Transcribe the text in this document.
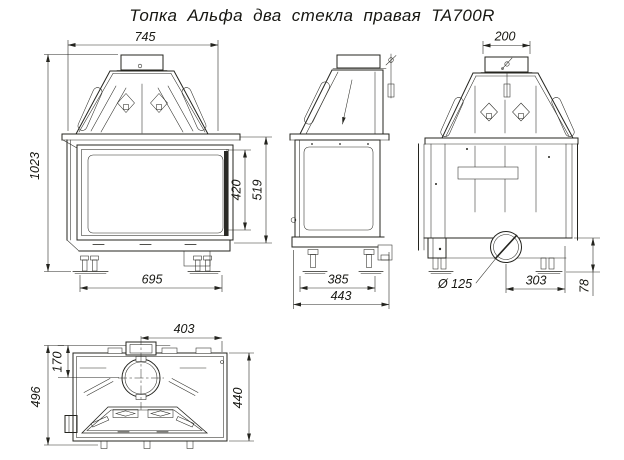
Топка Альфа два стекла правая TA700R
745
1023
420 519
695	385
443
200
Ø 125	303 78
403
170
496	440
